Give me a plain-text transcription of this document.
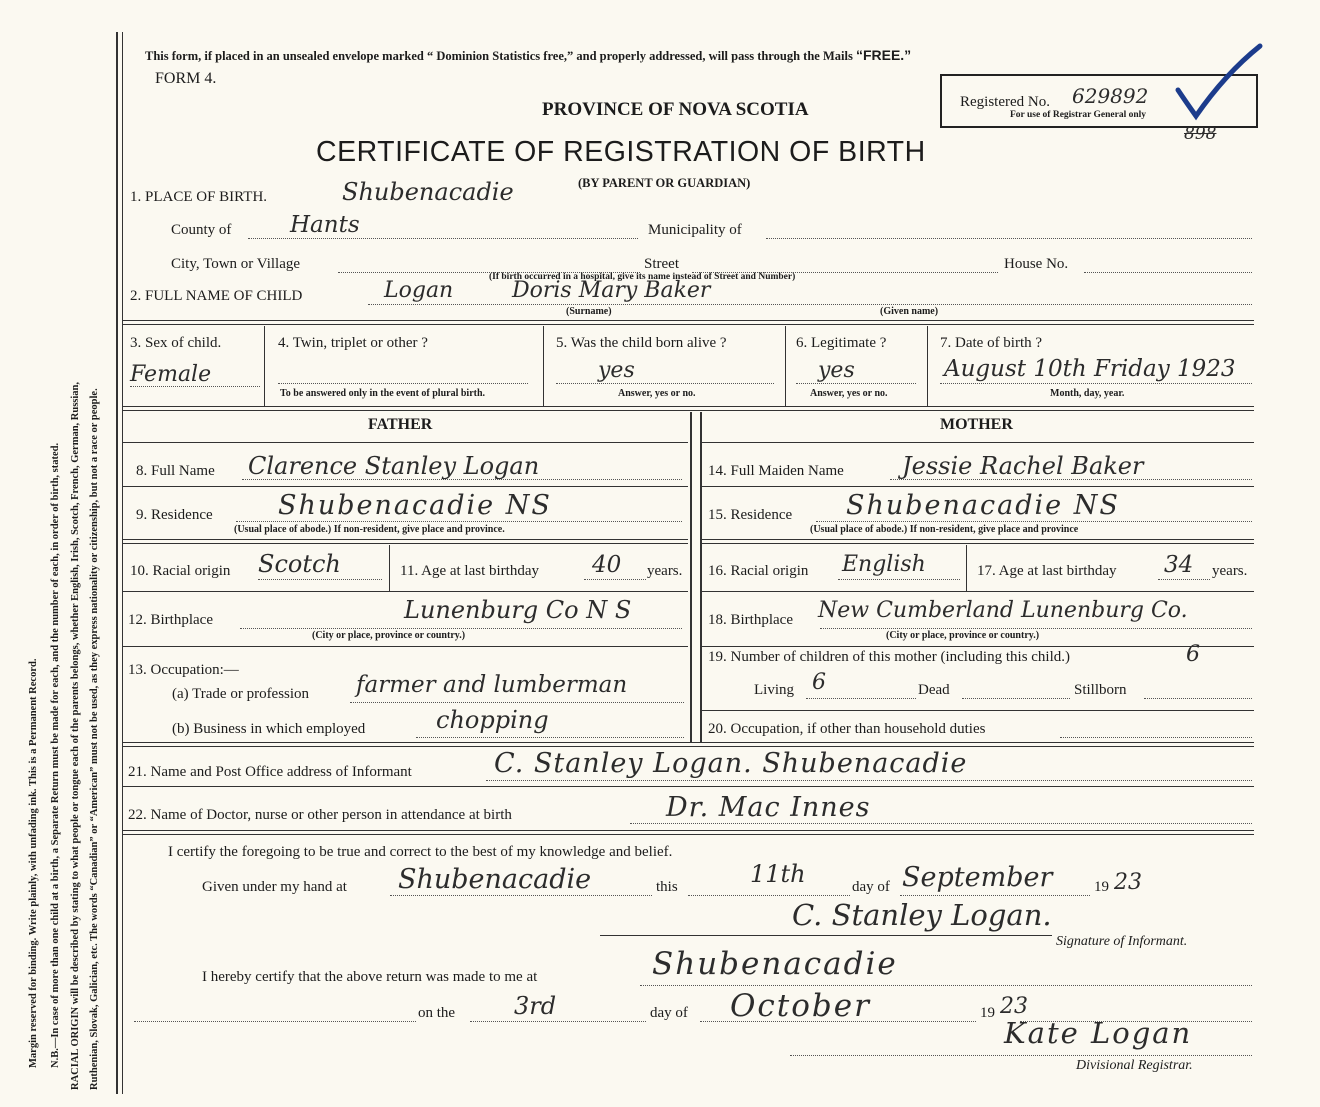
Margin reserved for binding. Write plainly, with unfading ink. This is a Permanent Record. N.B.—In case of more than one child at a birth, a Separate Return must be made for each, and the number of each, in order of birth, stated. RACIAL ORIGIN will be described by stating to what people or tongue each of the parents belongs, whether English, Irish, Scotch, French, German, Russian, Ruthenian, Slovak, Galician, etc. The words “Canadian” or “American” must not be used, as they express nationality or citizenship, but not a race or people.
This form, if placed in an unsealed envelope marked “ Dominion Statistics free,” and properly addressed, will pass through the Mails “FREE.”
FORM 4.
PROVINCE OF NOVA SCOTIA
CERTIFICATE OF REGISTRATION OF BIRTH
(BY PARENT OR GUARDIAN)
Registered No. 629892
For use of Registrar General only
898
1. PLACE OF BIRTH.	Shubenacadie
County of	Hants	Municipality of
City, Town or Village	Street	House No.
(If birth occurred in a hospital, give its name instead of Street and Number)
2. FULL NAME OF CHILD	Logan	Doris Mary Baker
(Surname)	(Given name)
3. Sex of child.
Female
4. Twin, triplet or other ?
To be answered only in the event of plural birth.
5. Was the child born alive ?
yes
Answer, yes or no.
6. Legitimate ?
yes
Answer, yes or no.
7. Date of birth ?
August 10th Friday 1923
Month, day, year.
FATHER	MOTHER
8. Full Name Clarence Stanley Logan
9. Residence Shubenacadie NS
(Usual place of abode.) If non-resident, give place and province.
10. Racial origin Scotch	11. Age at last birthday 40 years.
12. Birthplace	Lunenburg Co N S
(City or place, province or country.)
13. Occupation:—
(a) Trade or profession farmer and lumberman
(b) Business in which employed	chopping
14. Full Maiden Name Jessie Rachel Baker
15. Residence Shubenacadie NS
(Usual place of abode.) If non-resident, give place and province
16. Racial origin English	17. Age at last birthday 34 years.
18. Birthplace New Cumberland Lunenburg Co.
(City or place, province or country.)
19. Number of children of this mother (including this child.)	6
Living 6	Dead	Stillborn
20. Occupation, if other than household duties
21. Name and Post Office address of Informant	C. Stanley Logan. Shubenacadie
22. Name of Doctor, nurse or other person in attendance at birth	Dr. Mac Innes
I certify the foregoing to be true and correct to the best of my knowledge and belief.
Given under my hand at Shubenacadie	this	11th	day of September	19 23
C. Stanley Logan.
Signature of Informant.
I hereby certify that the above return was made to me at	Shubenacadie
on the 3rd	day of October	19 23
Kate Logan
Divisional Registrar.
